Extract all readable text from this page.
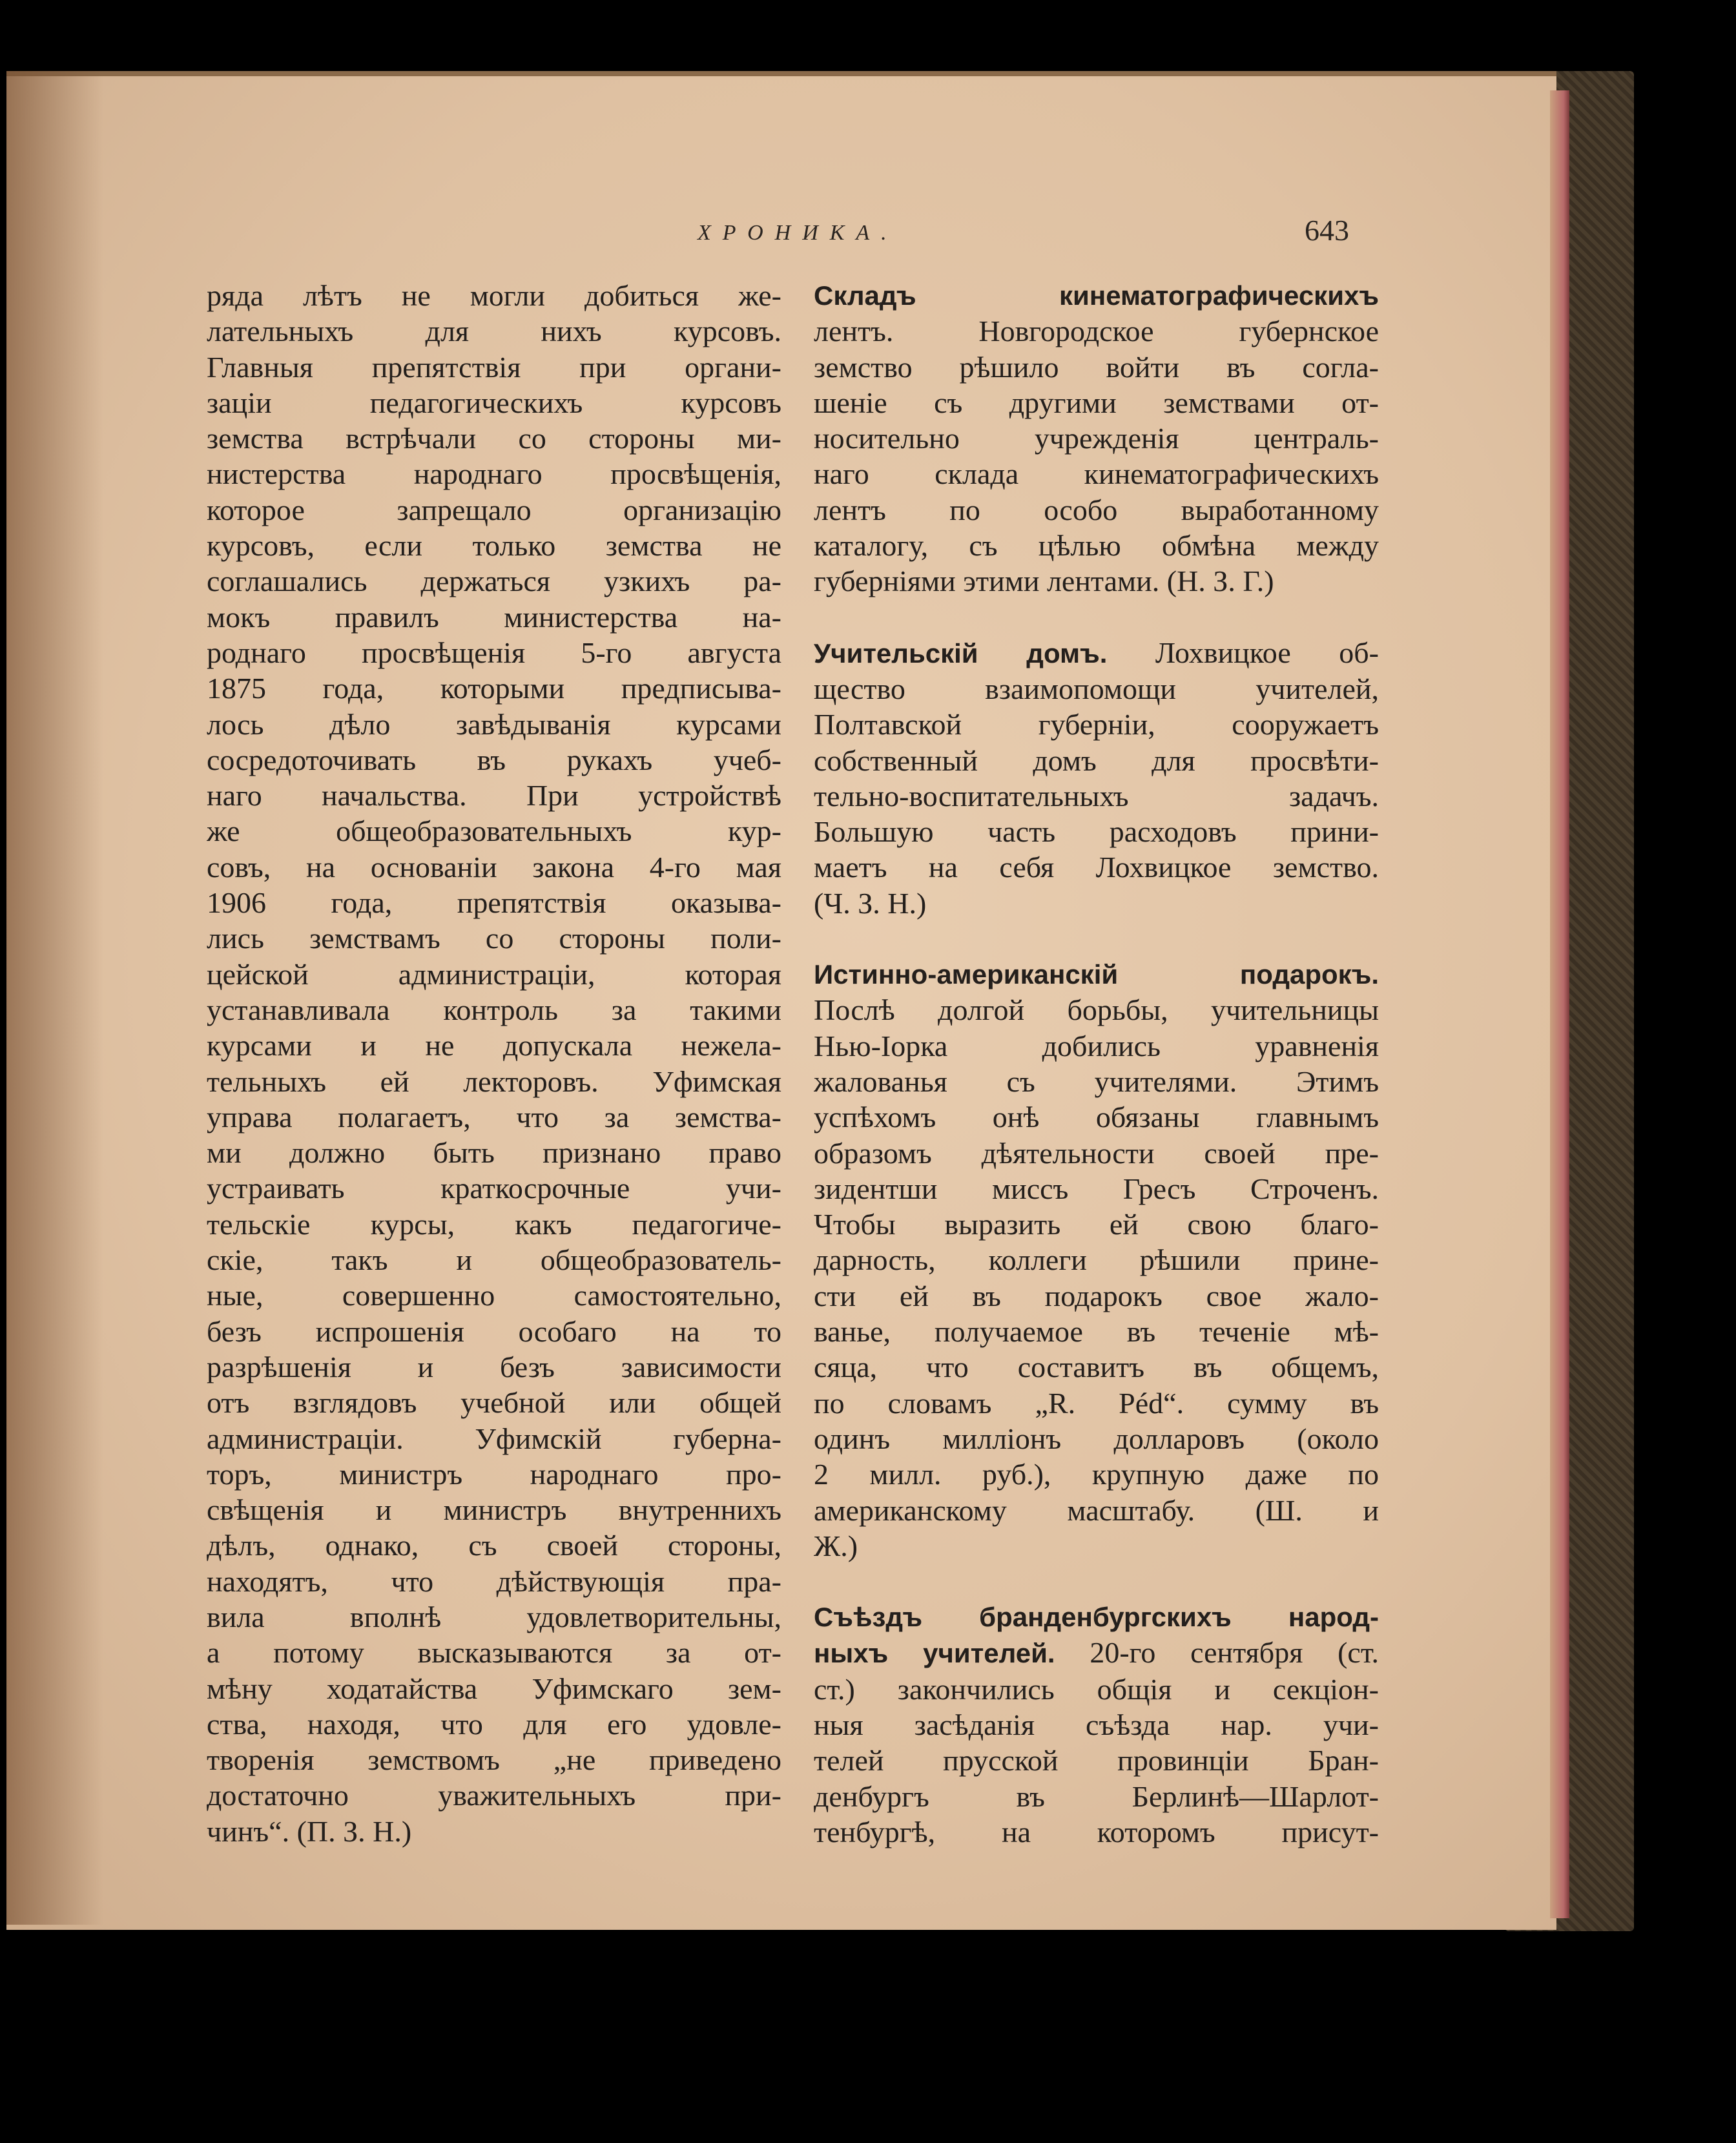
ХРОНИКА.	643
ряда лѣтъ не могли добиться же-
лательныхъ для нихъ курсовъ.
Главныя препятствія при органи-
заціи педагогическихъ курсовъ
земства встрѣчали со стороны ми-
нистерства народнаго просвѣщенія,
которое запрещало организацію
курсовъ, если только земства не
соглашались держаться узкихъ ра-
мокъ правилъ министерства на-
роднаго просвѣщенія 5-го августа
1875 года, которыми предписыва-
лось дѣло завѣдыванія курсами
сосредоточивать въ рукахъ учеб-
наго начальства. При устройствѣ
же общеобразовательныхъ кур-
совъ, на основаніи закона 4-го мая
1906 года, препятствія оказыва-
лись земствамъ со стороны поли-
цейской администраціи, которая
устанавливала контроль за такими
курсами и не допускала нежела-
тельныхъ ей лекторовъ. Уфимская
управа полагаетъ, что за земства-
ми должно быть признано право
устраивать краткосрочные учи-
тельскіе курсы, какъ педагогиче-
скіе, такъ и общеобразователь-
ные, совершенно самостоятельно,
безъ испрошенія особаго на то
разрѣшенія и безъ зависимости
отъ взглядовъ учебной или общей
администраціи. Уфимскій губерна-
торъ, министръ народнаго про-
свѣщенія и министръ внутреннихъ
дѣлъ, однако, съ своей стороны,
находятъ, что дѣйствующія пра-
вила вполнѣ удовлетворительны,
а потому высказываются за от-
мѣну ходатайства Уфимскаго зем-
ства, находя, что для его удовле-
творенія земствомъ „не приведено
достаточно уважительныхъ при-
чинъ“. (П. З. Н.)
Складъ кинематографическихъ
лентъ. Новгородское губернское
земство рѣшило войти въ согла-
шеніе съ другими земствами от-
носительно учрежденія централь-
наго склада кинематографическихъ
лентъ по особо выработанному
каталогу, съ цѣлью обмѣна между
губерніями этими лентами. (Н. З. Г.)
Учительскій домъ. Лохвицкое об-
щество взаимопомощи учителей,
Полтавской губерніи, сооружаетъ
собственный домъ для просвѣти-
тельно-воспитательныхъ задачъ.
Большую часть расходовъ прини-
маетъ на себя Лохвицкое земство.
(Ч. З. Н.)
Истинно-американскій подарокъ.
Послѣ долгой борьбы, учительницы
Нью-Іорка добились уравненія
жалованья съ учителями. Этимъ
успѣхомъ онѣ обязаны главнымъ
образомъ дѣятельности своей пре-
зидентши миссъ Гресъ Строченъ.
Чтобы выразить ей свою благо-
дарность, коллеги рѣшили прине-
сти ей въ подарокъ свое жало-
ванье, получаемое въ теченіе мѣ-
сяца, что составитъ въ общемъ,
по словамъ „R. Péd“. сумму въ
одинъ милліонъ долларовъ (около
2 милл. руб.), крупную даже по
американскому масштабу. (Ш. и
Ж.)
Съѣздъ бранденбургскихъ народ-
ныхъ учителей. 20-го сентября (ст.
ст.) закончились общія и секціон-
ныя засѣданія съѣзда нар. учи-
телей прусской провинціи Бран-
денбургъ въ Берлинѣ—Шарлот-
тенбургѣ, на которомъ присут-
